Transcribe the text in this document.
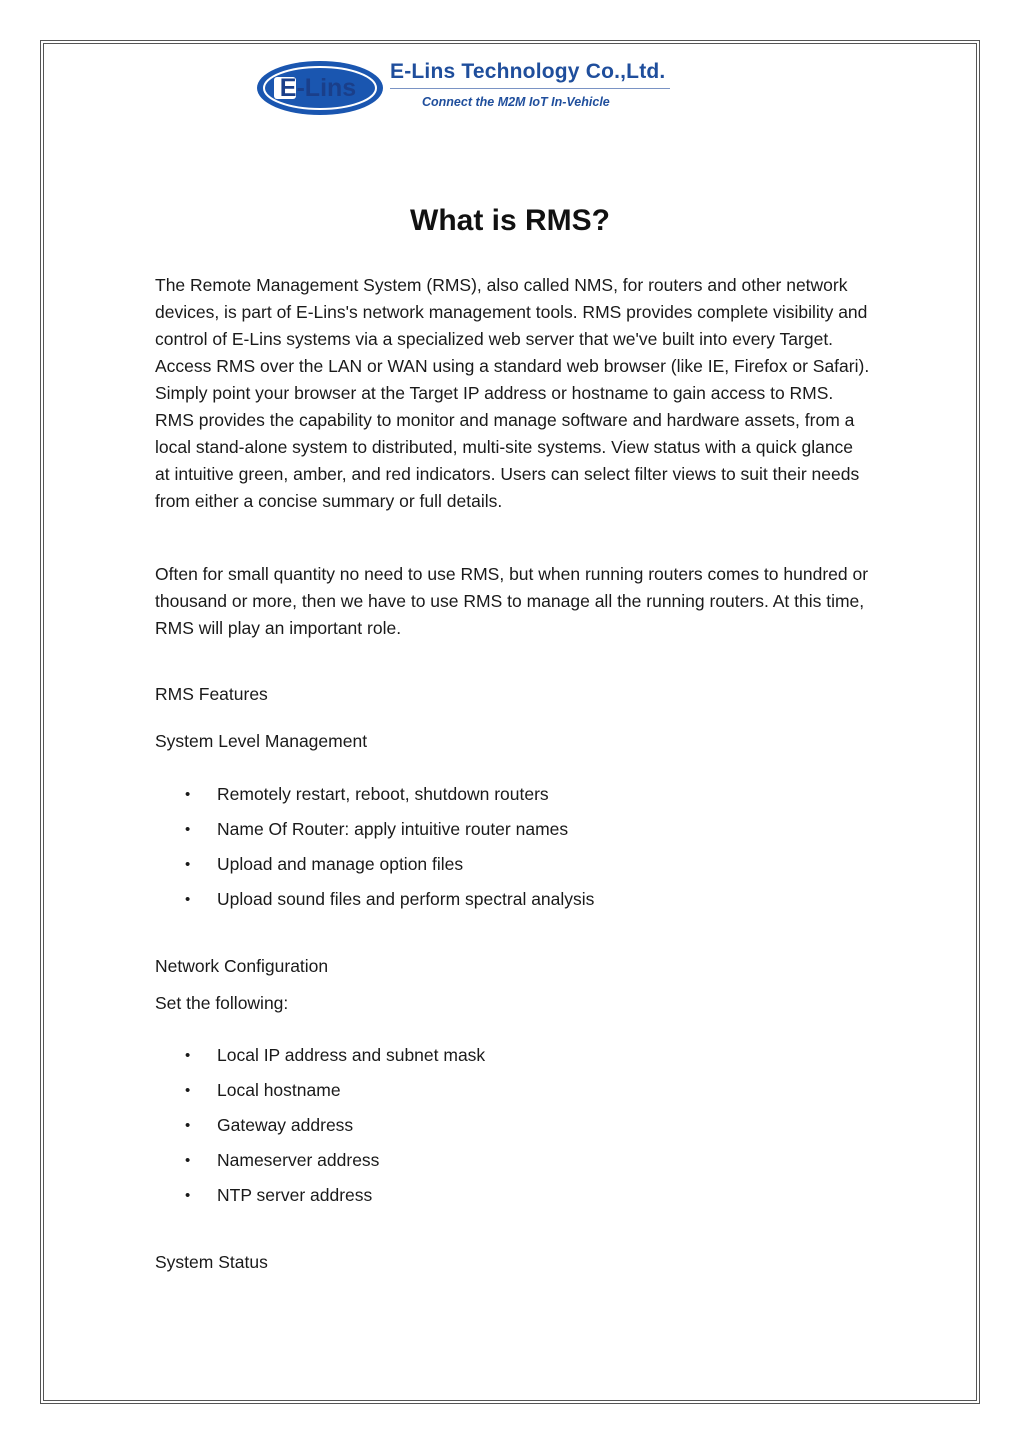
E-Lins
E-Lins Technology Co.,Ltd.
Connect the M2M IoT In-Vehicle
What is RMS?

The Remote Management System (RMS), also called NMS, for routers and other network devices, is part of E-Lins's network management tools. RMS provides complete visibility and control of E-Lins systems via a specialized web server that we've built into every Target. Access RMS over the LAN or WAN using a standard web browser (like IE, Firefox or Safari). Simply point your browser at the Target IP address or hostname to gain access to RMS. RMS provides the capability to monitor and manage software and hardware assets, from a local stand-alone system to distributed, multi-site systems. View status with a quick glance at intuitive green, amber, and red indicators. Users can select filter views to suit their needs from either a concise summary or full details.

Often for small quantity no need to use RMS, but when running routers comes to hundred or thousand or more, then we have to use RMS to manage all the running routers. At this time, RMS will play an important role.

RMS Features
System Level Management
• Remotely restart, reboot, shutdown routers
• Name Of Router: apply intuitive router names
• Upload and manage option files
• Upload sound files and perform spectral analysis
Network Configuration
Set the following:
• Local IP address and subnet mask
• Local hostname
• Gateway address
• Nameserver address
• NTP server address
System Status
